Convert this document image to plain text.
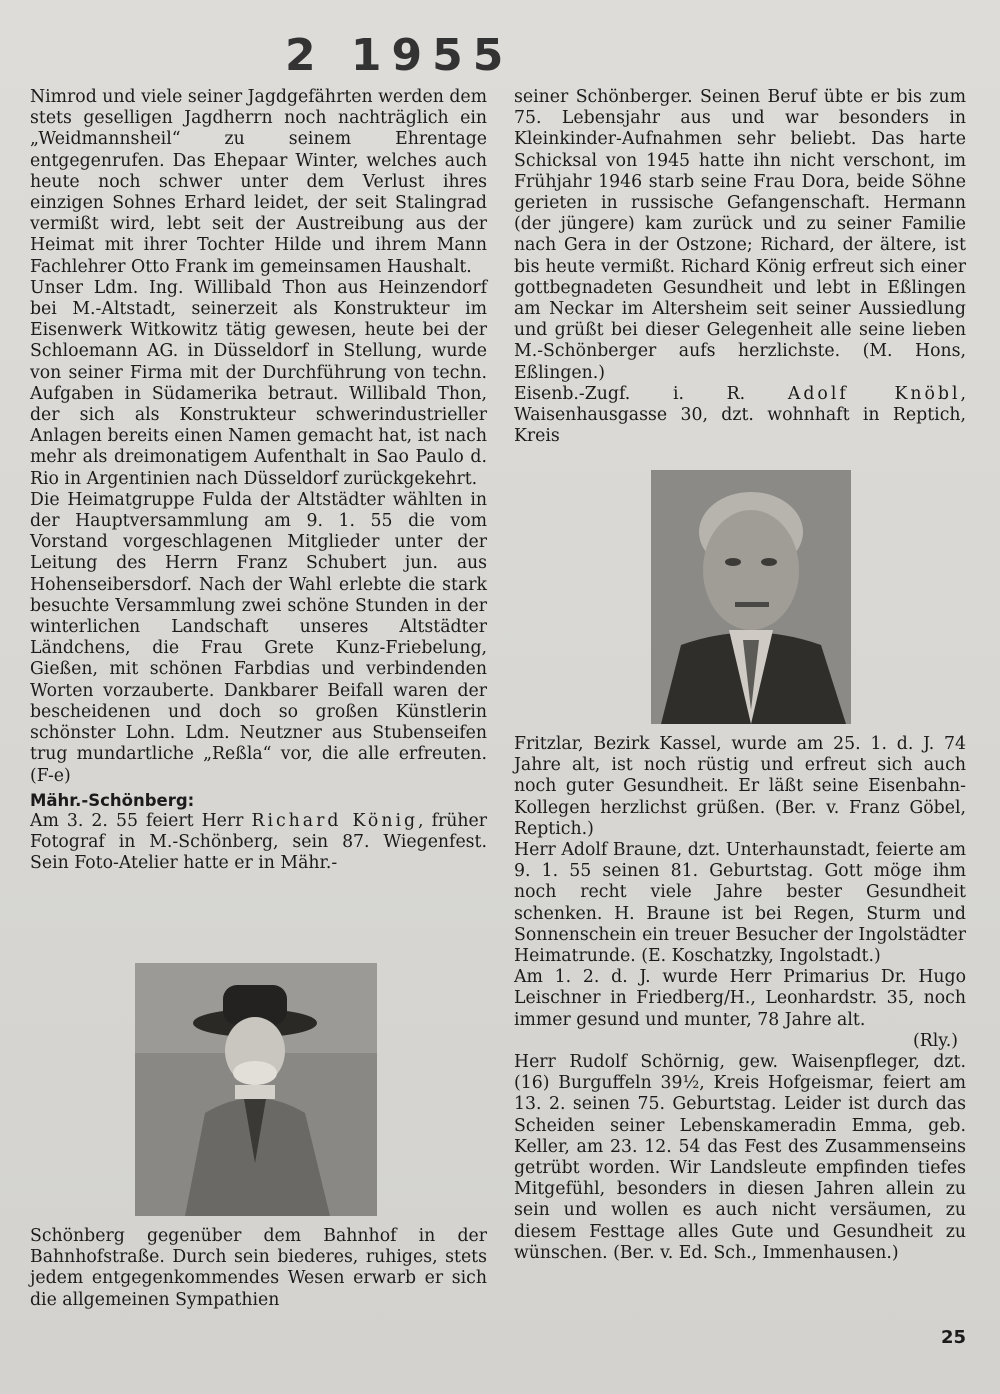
2 1955

Nimrod und viele seiner Jagdgefährten werden dem stets geselligen Jagdherrn noch nachträglich ein „Weidmannsheil“ zu seinem Ehrentage entgegenrufen. Das Ehepaar Winter, welches auch heute noch schwer unter dem Verlust ihres einzigen Sohnes Erhard leidet, der seit Stalingrad vermißt wird, lebt seit der Austreibung aus der Heimat mit ihrer Tochter Hilde und ihrem Mann Fachlehrer Otto Frank im gemeinsamen Haushalt.

Unser Ldm. Ing. Willibald Thon aus Heinzendorf bei M.-Altstadt, seinerzeit als Konstrukteur im Eisenwerk Witkowitz tätig gewesen, heute bei der Schloemann AG. in Düsseldorf in Stellung, wurde von seiner Firma mit der Durchführung von techn. Aufgaben in Südamerika betraut. Willibald Thon, der sich als Konstrukteur schwerindustrieller Anlagen bereits einen Namen gemacht hat, ist nach mehr als dreimonatigem Aufenthalt in Sao Paulo d. Rio in Argentinien nach Düsseldorf zurückgekehrt.

Die Heimatgruppe Fulda der Altstädter wählten in der Hauptversammlung am 9. 1. 55 die vom Vorstand vorgeschlagenen Mitglieder unter der Leitung des Herrn Franz Schubert jun. aus Hohenseibersdorf. Nach der Wahl erlebte die stark besuchte Versammlung zwei schöne Stunden in der winterlichen Landschaft unseres Altstädter Ländchens, die Frau Grete Kunz-Friebelung, Gießen, mit schönen Farbdias und verbindenden Worten vorzauberte. Dankbarer Beifall waren der bescheidenen und doch so großen Künstlerin schönster Lohn. Ldm. Neutzner aus Stubenseifen trug mundartliche „Reßla“ vor, die alle erfreuten. (F-e)

Mähr.-Schönberg:

Am 3. 2. 55 feiert Herr Richard König, früher Fotograf in M.-Schönberg, sein 87. Wiegenfest. Sein Foto-Atelier hatte er in Mähr.-

Schönberg gegenüber dem Bahnhof in der Bahnhofstraße. Durch sein biederes, ruhiges, stets jedem entgegenkommendes Wesen erwarb er sich die allgemeinen Sympathien

seiner Schönberger. Seinen Beruf übte er bis zum 75. Lebensjahr aus und war besonders in Kleinkinder-Aufnahmen sehr beliebt. Das harte Schicksal von 1945 hatte ihn nicht verschont, im Frühjahr 1946 starb seine Frau Dora, beide Söhne gerieten in russische Gefangenschaft. Hermann (der jüngere) kam zurück und zu seiner Familie nach Gera in der Ostzone; Richard, der ältere, ist bis heute vermißt. Richard König erfreut sich einer gottbegnadeten Gesundheit und lebt in Eßlingen am Neckar im Altersheim seit seiner Aussiedlung und grüßt bei dieser Gelegenheit alle seine lieben M.-Schönberger aufs herzlichste. (M. Hons, Eßlingen.)

Eisenb.-Zugf. i. R. Adolf Knöbl, Waisenhausgasse 30, dzt. wohnhaft in Reptich, Kreis

Fritzlar, Bezirk Kassel, wurde am 25. 1. d. J. 74 Jahre alt, ist noch rüstig und erfreut sich auch noch guter Gesundheit. Er läßt seine Eisenbahn-Kollegen herzlichst grüßen. (Ber. v. Franz Göbel, Reptich.)

Herr Adolf Braune, dzt. Unterhaunstadt, feierte am 9. 1. 55 seinen 81. Geburtstag. Gott möge ihm noch recht viele Jahre bester Gesundheit schenken. H. Braune ist bei Regen, Sturm und Sonnenschein ein treuer Besucher der Ingolstädter Heimatrunde. (E. Koschatzky, Ingolstadt.)

Am 1. 2. d. J. wurde Herr Primarius Dr. Hugo Leischner in Friedberg/H., Leonhardstr. 35, noch immer gesund und munter, 78 Jahre alt.

(Rly.)

Herr Rudolf Schörnig, gew. Waisenpfleger, dzt. (16) Burguffeln 39½, Kreis Hofgeismar, feiert am 13. 2. seinen 75. Geburtstag. Leider ist durch das Scheiden seiner Lebenskameradin Emma, geb. Keller, am 23. 12. 54 das Fest des Zusammenseins getrübt worden. Wir Landsleute empfinden tiefes Mitgefühl, besonders in diesen Jahren allein zu sein und wollen es auch nicht versäumen, zu diesem Festtage alles Gute und Gesundheit zu wünschen. (Ber. v. Ed. Sch., Immenhausen.)

25
